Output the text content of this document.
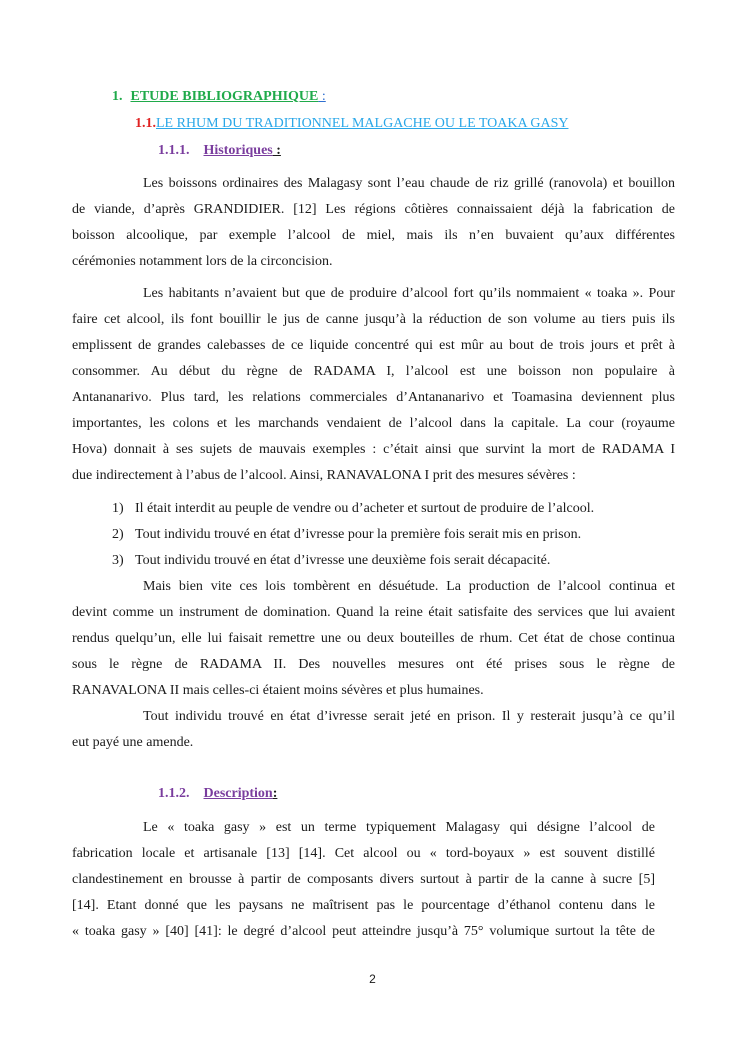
1. ETUDE BIBLIOGRAPHIQUE :
1.1.LE RHUM DU TRADITIONNEL MALGACHE OU LE TOAKA GASY
1.1.1. Historiques :

Les boissons ordinaires des Malagasy sont l’eau chaude de riz grillé (ranovola) et bouillon
de viande, d’après GRANDIDIER. [12] Les régions côtières connaissaient déjà la fabrication de
boisson alcoolique, par exemple l’alcool de miel, mais ils n’en buvaient qu’aux différentes
cérémonies notamment lors de la circoncision.

Les habitants n’avaient but que de produire d’alcool fort qu’ils nommaient « toaka ». Pour
faire cet alcool, ils font bouillir le jus de canne jusqu’à la réduction de son volume au tiers puis ils
emplissent de grandes calebasses de ce liquide concentré qui est mûr au bout de trois jours et prêt à
consommer. Au début du règne de RADAMA I, l’alcool est une boisson non populaire à
Antananarivo. Plus tard, les relations commerciales d’Antananarivo et Toamasina deviennent plus
importantes, les colons et les marchands vendaient de l’alcool dans la capitale. La cour (royaume
Hova) donnait à ses sujets de mauvais exemples : c’était ainsi que survint la mort de RADAMA I
due indirectement à l’abus de l’alcool. Ainsi, RANAVALONA I prit des mesures sévères :

1) Il était interdit au peuple de vendre ou d’acheter et surtout de produire de l’alcool.
2) Tout individu trouvé en état d’ivresse pour la première fois serait mis en prison.
3) Tout individu trouvé en état d’ivresse une deuxième fois serait décapacité.

Mais bien vite ces lois tombèrent en désuétude. La production de l’alcool continua et
devint comme un instrument de domination. Quand la reine était satisfaite des services que lui avaient
rendus quelqu’un, elle lui faisait remettre une ou deux bouteilles de rhum. Cet état de chose continua
sous le règne de RADAMA II. Des nouvelles mesures ont été prises sous le règne de
RANAVALONA II mais celles-ci étaient moins sévères et plus humaines.

Tout individu trouvé en état d’ivresse serait jeté en prison. Il y resterait jusqu’à ce qu’il
eut payé une amende.

1.1.2. Description:

Le « toaka gasy » est un terme typiquement Malagasy qui désigne l’alcool de
fabrication locale et artisanale [13] [14]. Cet alcool ou « tord-boyaux » est souvent distillé
clandestinement en brousse à partir de composants divers surtout à partir de la canne à sucre [5]
[14]. Etant donné que les paysans ne maîtrisent pas le pourcentage d’éthanol contenu dans le
« toaka gasy » [40] [41]: le degré d’alcool peut atteindre jusqu’à 75° volumique surtout la tête de

2
